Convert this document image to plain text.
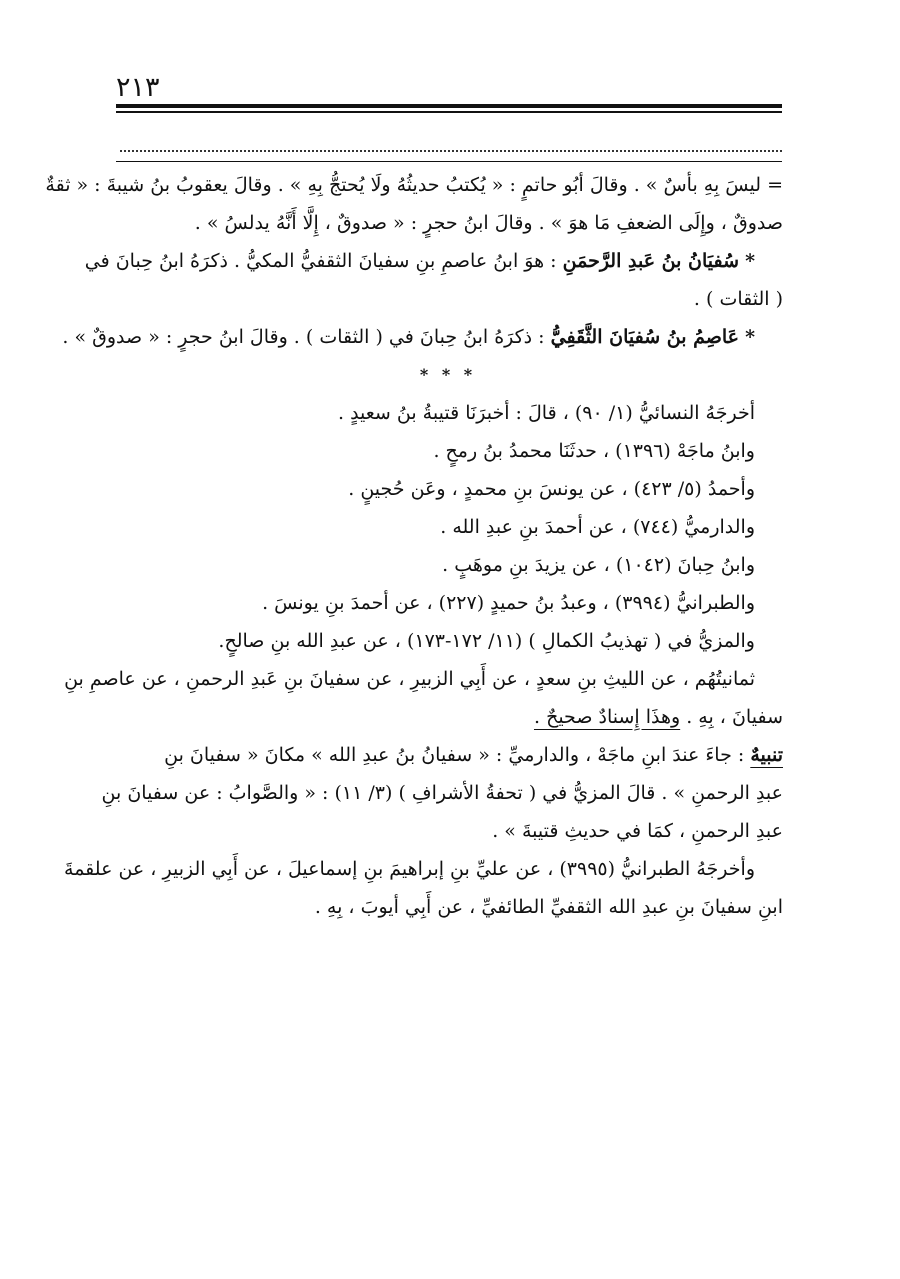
٢١٣

= ليسَ بِهِ بأسٌ » . وقالَ أبُو حاتمٍ : « يُكتبُ حديثُهُ ولَا يُحتجُّ بِهِ » . وقالَ يعقوبُ بنُ شيبةَ : « ثقةٌ
صدوقٌ ، وإِلَى الضعفِ مَا هوَ » . وقالَ ابنُ حجرٍ : « صدوقٌ ، إِلَّا أَنَّهُ يدلسُ » .

* سُفيَانُ بنُ عَبدِ الرَّحمَنِ : هوَ ابنُ عاصمِ بنِ سفيانَ الثقفيُّ المكيُّ . ذكرَهُ ابنُ حِبانَ في
( الثقات ) .

* عَاصِمُ بنُ سُفيَانَ الثَّقَفِيُّ : ذكرَهُ ابنُ حِبانَ في ( الثقات ) . وقالَ ابنُ حجرٍ : « صدوقٌ » .

* * *

أخرجَهُ النسائيُّ (١/ ٩٠) ، قالَ : أخبرَنَا قتيبةُ بنُ سعيدٍ .
وابنُ ماجَهْ (١٣٩٦) ، حدثَنَا محمدُ بنُ رمحٍ .
وأحمدُ (٥/ ٤٢٣) ، عن يونسَ بنِ محمدٍ ، وعَن حُجينٍ .
والدارميُّ (٧٤٤) ، عن أحمدَ بنِ عبدِ الله .
وابنُ حِبانَ (١٠٤٢) ، عن يزيدَ بنِ موهَبٍ .
والطبرانيُّ (٣٩٩٤) ، وعبدُ بنُ حميدٍ (٢٢٧) ، عن أحمدَ بنِ يونسَ .
والمزيُّ في ( تهذيبُ الكمالِ ) (١١/ ١٧٢-١٧٣) ، عن عبدِ الله بنِ صالحٍ.

ثمانيتُهُم ، عن الليثِ بنِ سعدٍ ، عن أَبِي الزبيرِ ، عن سفيانَ بنِ عَبدِ الرحمنِ ، عن عاصمِ بنِ
سفيانَ ، بِهِ . وهذَا إِسنادٌ صحيحٌ .

تنبيهٌ : جاءَ عندَ ابنِ ماجَهْ ، والدارميِّ : « سفيانُ بنُ عبدِ الله » مكانَ « سفيانَ بنِ
عبدِ الرحمنِ » . قالَ المزيُّ في ( تحفةُ الأشرافِ ) (٣/ ١١) : « والصَّوابُ : عن سفيانَ بنِ
عبدِ الرحمنِ ، كمَا في حديثِ قتيبةَ » .

وأخرجَهُ الطبرانيُّ (٣٩٩٥) ، عن عليِّ بنِ إبراهيمَ بنِ إسماعيلَ ، عن أَبِي الزبيرِ ، عن علقمةَ
ابنِ سفيانَ بنِ عبدِ الله الثقفيِّ الطائفيِّ ، عن أَبِي أيوبَ ، بِهِ .
